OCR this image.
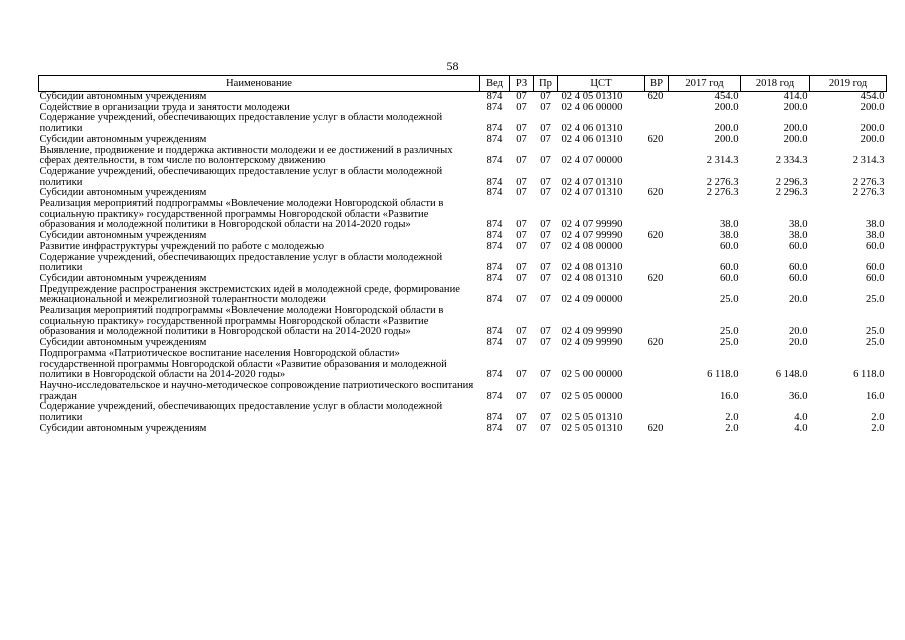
58
Наименование	Вед	РЗ	Пр	ЦСТ	ВР	2017 год	2018 год	2019 год
Субсидии автономным учреждениям	874	07	07	02 4 05 01310	620	454.0	414.0	454.0
Содействие в организации труда и занятости молодежи	874	07	07	02 4 06 00000		200.0	200.0	200.0
Содержание учреждений, обеспечивающих предоставление услуг в области молодежной политики	874	07	07	02 4 06 01310		200.0	200.0	200.0
Субсидии автономным учреждениям	874	07	07	02 4 06 01310	620	200.0	200.0	200.0
Выявление, продвижение и поддержка активности молодежи и ее достижений в различных сферах деятельности, в том числе по волонтерскому движению	874	07	07	02 4 07 00000		2 314.3	2 334.3	2 314.3
Содержание учреждений, обеспечивающих предоставление услуг в области молодежной политики	874	07	07	02 4 07 01310		2 276.3	2 296.3	2 276.3
Субсидии автономным учреждениям	874	07	07	02 4 07 01310	620	2 276.3	2 296.3	2 276.3
Реализация мероприятий подпрограммы «Вовлечение молодежи Новгородской области в социальную практику» государственной программы Новгородской области «Развитие образования и молодежной политики в Новгородской области на 2014-2020 годы»	874	07	07	02 4 07 99990		38.0	38.0	38.0
Субсидии автономным учреждениям	874	07	07	02 4 07 99990	620	38.0	38.0	38.0
Развитие инфраструктуры учреждений по работе с молодежью	874	07	07	02 4 08 00000		60.0	60.0	60.0
Содержание учреждений, обеспечивающих предоставление услуг в области молодежной политики	874	07	07	02 4 08 01310		60.0	60.0	60.0
Субсидии автономным учреждениям	874	07	07	02 4 08 01310	620	60.0	60.0	60.0
Предупреждение распространения экстремистских идей в молодежной среде, формирование межнациональной и межрелигиозной толерантности молодежи	874	07	07	02 4 09 00000		25.0	20.0	25.0
Реализация мероприятий подпрограммы «Вовлечение молодежи Новгородской области в социальную практику» государственной программы Новгородской области «Развитие образования и молодежной политики в Новгородской области на 2014-2020 годы»	874	07	07	02 4 09 99990		25.0	20.0	25.0
Субсидии автономным учреждениям	874	07	07	02 4 09 99990	620	25.0	20.0	25.0
Подпрограмма «Патриотическое воспитание населения Новгородской области» государственной программы Новгородской области «Развитие образования и молодежной политики в Новгородской области на 2014-2020 годы»	874	07	07	02 5 00 00000		6 118.0	6 148.0	6 118.0
Научно-исследовательское и научно-методическое сопровождение патриотического воспитания граждан	874	07	07	02 5 05 00000		16.0	36.0	16.0
Содержание учреждений, обеспечивающих предоставление услуг в области молодежной политики	874	07	07	02 5 05 01310		2.0	4.0	2.0
Субсидии автономным учреждениям	874	07	07	02 5 05 01310	620	2.0	4.0	2.0
